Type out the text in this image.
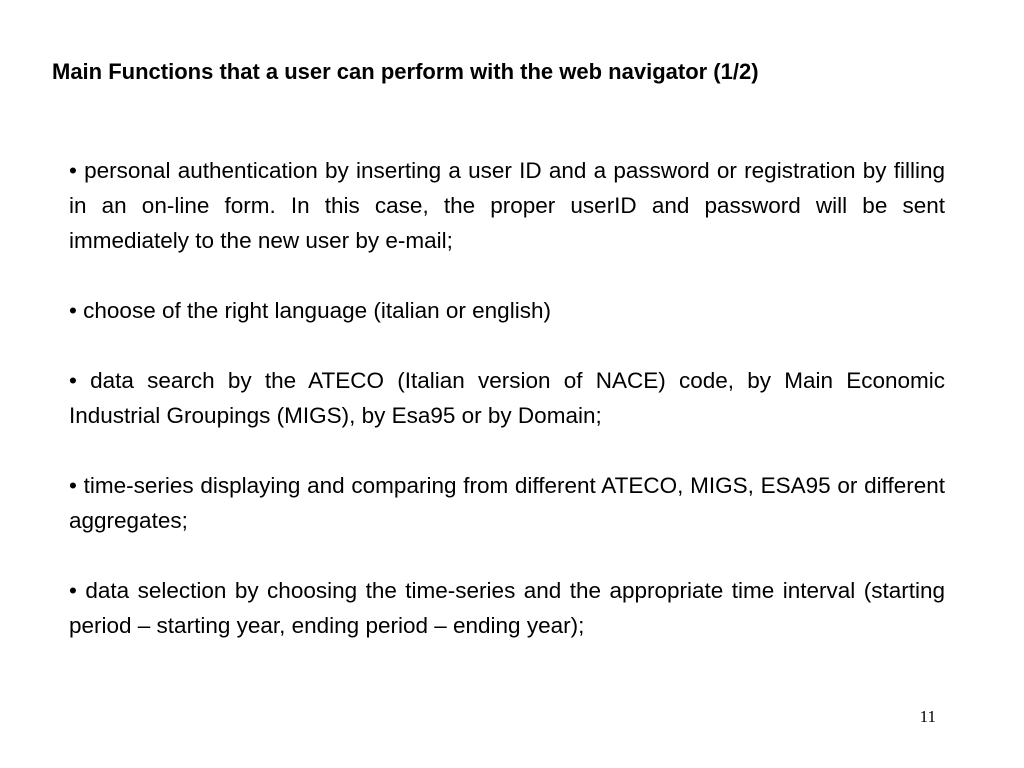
Main Functions that a user can perform with the web navigator (1/2)
• personal authentication by inserting a user ID and a password or registration by filling in an on-line form. In this case, the proper userID and password will be sent immediately to the new user by e-mail;
• choose of the right language (italian or english)
• data search by the ATECO (Italian version of NACE) code, by Main Economic Industrial Groupings (MIGS), by Esa95 or by Domain;
• time-series displaying and comparing from different ATECO, MIGS, ESA95 or different aggregates;
• data selection by choosing the time-series and the appropriate time interval (starting period – starting year, ending period – ending year);
11
